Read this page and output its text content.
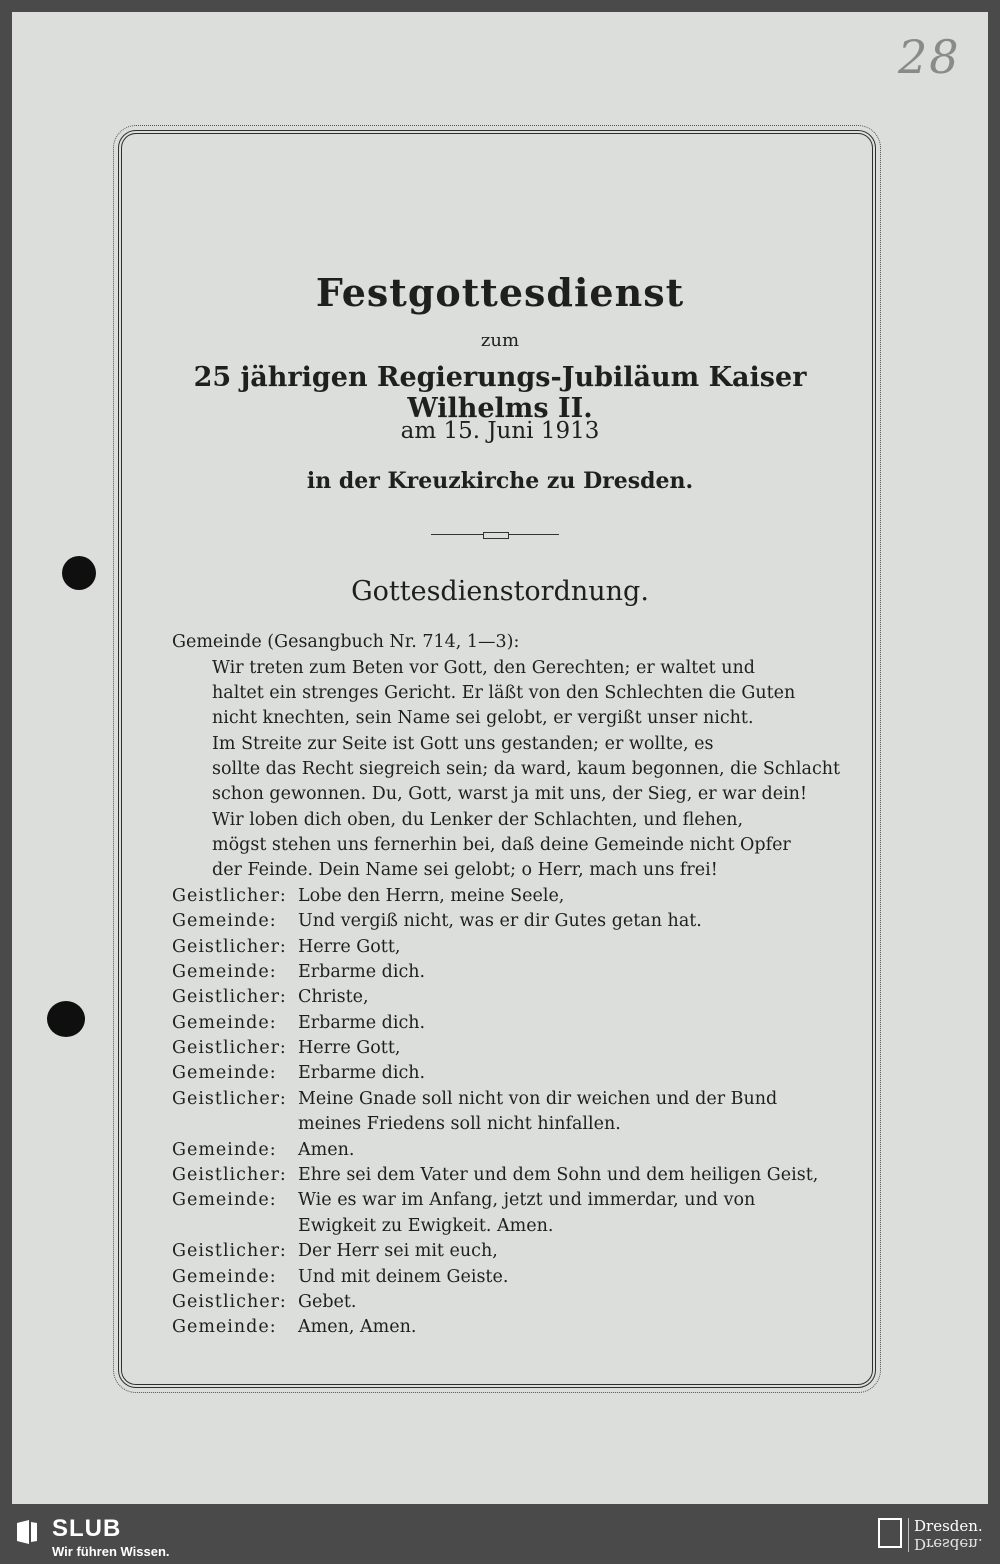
28
Festgottesdienst
zum
25 jährigen Regierungs-Jubiläum Kaiser Wilhelms II.
am 15. Juni 1913
in der Kreuzkirche zu Dresden.
Gottesdienstordnung.
Gemeinde (Gesangbuch Nr. 714, 1—3):
Wir treten zum Beten vor Gott, den Gerechten; er waltet und
haltet ein strenges Gericht. Er läßt von den Schlechten die Guten
nicht knechten, sein Name sei gelobt, er vergißt unser nicht.
Im Streite zur Seite ist Gott uns gestanden; er wollte, es
sollte das Recht siegreich sein; da ward, kaum begonnen, die Schlacht
schon gewonnen. Du, Gott, warst ja mit uns, der Sieg, er war dein!
Wir loben dich oben, du Lenker der Schlachten, und flehen,
mögst stehen uns fernerhin bei, daß deine Gemeinde nicht Opfer
der Feinde. Dein Name sei gelobt; o Herr, mach uns frei!
Geistlicher: Lobe den Herrn, meine Seele,
Gemeinde: Und vergiß nicht, was er dir Gutes getan hat.
Geistlicher: Herre Gott,
Gemeinde: Erbarme dich.
Geistlicher: Christe,
Gemeinde: Erbarme dich.
Geistlicher: Herre Gott,
Gemeinde: Erbarme dich.
Geistlicher: Meine Gnade soll nicht von dir weichen und der Bund
meines Friedens soll nicht hinfallen.
Gemeinde: Amen.
Geistlicher: Ehre sei dem Vater und dem Sohn und dem heiligen Geist,
Gemeinde: Wie es war im Anfang, jetzt und immerdar, und von
Ewigkeit zu Ewigkeit. Amen.
Geistlicher: Der Herr sei mit euch,
Gemeinde: Und mit deinem Geiste.
Geistlicher: Gebet.
Gemeinde: Amen, Amen.
SLUB
Wir führen Wissen.
Dresden.
Dresden.
